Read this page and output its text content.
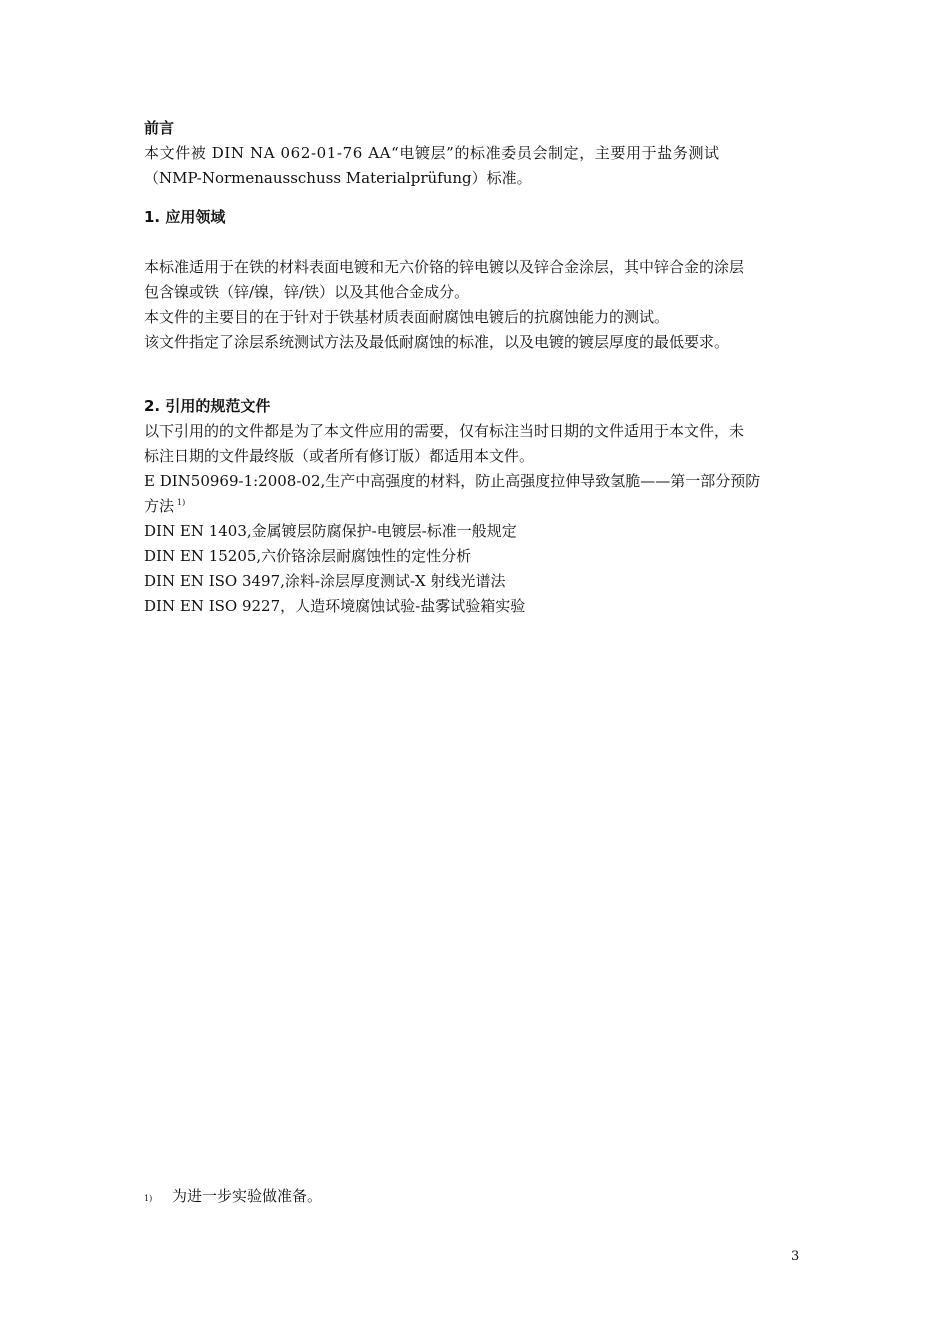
前言

本文件被 DIN NA 062-01-76 AA“电镀层”的标准委员会制定，主要用于盐务测试

（NMP-Normenausschuss Materialprüfung）标准。

1. 应用领域

本标准适用于在铁的材料表面电镀和无六价铬的锌电镀以及锌合金涂层，其中锌合金的涂层

包含镍或铁（锌/镍，锌/铁）以及其他合金成分。

本文件的主要目的在于针对于铁基材质表面耐腐蚀电镀后的抗腐蚀能力的测试。

该文件指定了涂层系统测试方法及最低耐腐蚀的标准，以及电镀的镀层厚度的最低要求。

2. 引用的规范文件

以下引用的的文件都是为了本文件应用的需要，仅有标注当时日期的文件适用于本文件，未

标注日期的文件最终版（或者所有修订版）都适用本文件。

E DIN50969-1:2008-02,生产中高强度的材料，防止高强度拉伸导致氢脆——第一部分预防

方法 $^{1)}$

DIN EN 1403,金属镀层防腐保护-电镀层-标准一般规定

DIN EN 15205,六价铬涂层耐腐蚀性的定性分析

DIN EN ISO 3497,涂料-涂层厚度测试-X 射线光谱法

DIN EN ISO 9227，人造环境腐蚀试验-盐雾试验箱实验

1)	为进一步实验做准备。
3
